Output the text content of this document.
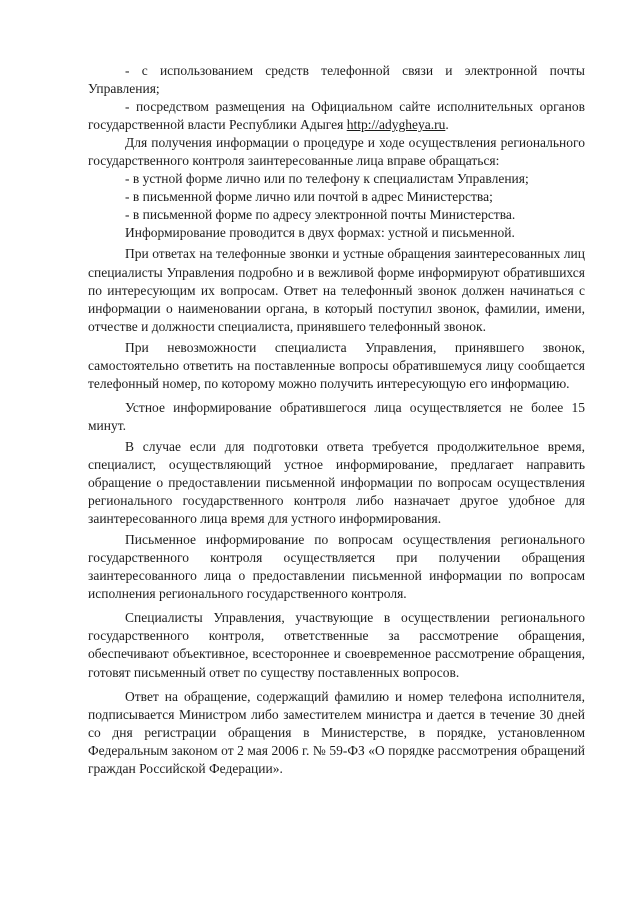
- с использованием средств телефонной связи и электронной почты Управления;

- посредством размещения на Официальном сайте исполнительных органов государственной власти Республики Адыгея http://adygheya.ru.

Для получения информации о процедуре и ходе осуществления регионального государственного контроля заинтересованные лица вправе обращаться:

- в устной форме лично или по телефону к специалистам Управления;

- в письменной форме лично или почтой в адрес Министерства;

- в письменной форме по адресу электронной почты Министерства.

Информирование проводится в двух формах: устной и письменной.

При ответах на телефонные звонки и устные обращения заинтересованных лиц специалисты Управления подробно и в вежливой форме информируют обратившихся по интересующим их вопросам. Ответ на телефонный звонок должен начинаться с информации о наименовании органа, в который поступил звонок, фамилии, имени, отчестве и должности специалиста, принявшего телефонный звонок.

При невозможности специалиста Управления, принявшего звонок, самостоятельно ответить на поставленные вопросы обратившемуся лицу сообщается телефонный номер, по которому можно получить интересующую его информацию.

Устное информирование обратившегося лица осуществляется не более 15 минут.

В случае если для подготовки ответа требуется продолжительное время, специалист, осуществляющий устное информирование, предлагает направить обращение о предоставлении письменной информации по вопросам осуществления регионального государственного контроля либо назначает другое удобное для заинтересованного лица время для устного информирования.

Письменное информирование по вопросам осуществления регионального государственного контроля осуществляется при получении обращения заинтересованного лица о предоставлении письменной информации по вопросам исполнения регионального государственного контроля.

Специалисты Управления, участвующие в осуществлении регионального государственного контроля, ответственные за рассмотрение обращения, обеспечивают объективное, всестороннее и своевременное рассмотрение обращения, готовят письменный ответ по существу поставленных вопросов.

Ответ на обращение, содержащий фамилию и номер телефона исполнителя, подписывается Министром либо заместителем министра и дается в течение 30 дней со дня регистрации обращения в Министерстве, в порядке, установленном Федеральным законом от 2 мая 2006 г. № 59-ФЗ «О порядке рассмотрения обращений граждан Российской Федерации».
